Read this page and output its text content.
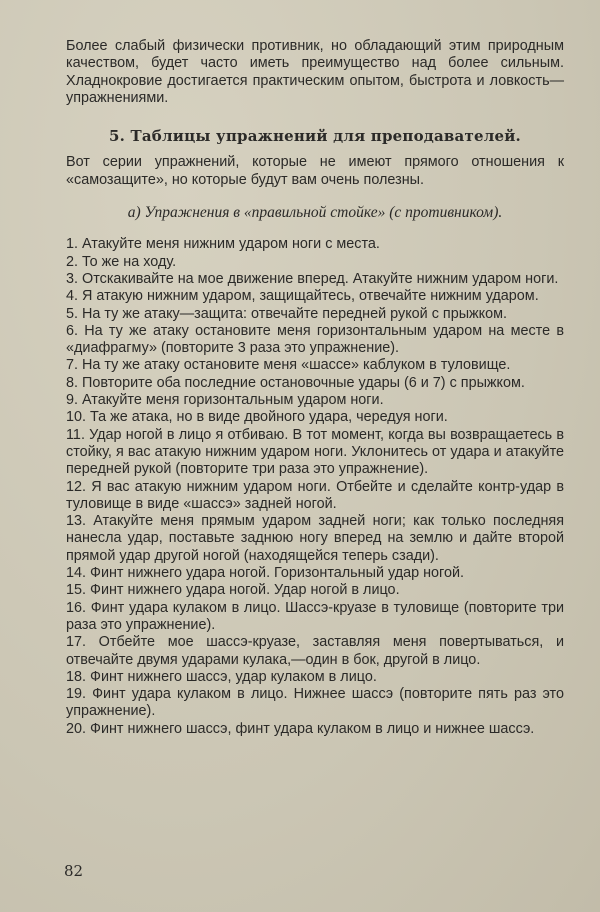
Более слабый физически противник, но обладающий этим природным качеством, будет часто иметь преимущество над более сильным. Хладнокровие достигается практическим опытом, быстрота и ловкость—упражнениями.

5. Таблицы упражнений для преподавателей.

Вот серии упражнений, которые не имеют прямого отношения к «самозащите», но которые будут вам очень полезны.

а) Упражнения в «правильной стойке» (с противником).

1. Атакуйте меня нижним ударом ноги с места.

2. То же на ходу.

3. Отскакивайте на мое движение вперед. Атакуйте нижним ударом ноги.

4. Я атакую нижним ударом, защищайтесь, отвечайте нижним ударом.

5. На ту же атаку—защита: отвечайте передней рукой с прыжком.

6. На ту же атаку остановите меня горизонтальным ударом на месте в «диафрагму» (повторите 3 раза это упражнение).

7. На ту же атаку остановите меня «шассе» каблуком в туловище.

8. Повторите оба последние остановочные удары (6 и 7) с прыжком.

9. Атакуйте меня горизонтальным ударом ноги.

10. Та же атака, но в виде двойного удара, чередуя ноги.

11. Удар ногой в лицо я отбиваю. В тот момент, когда вы возвращаетесь в стойку, я вас атакую нижним ударом ноги. Уклонитесь от удара и атакуйте передней рукой (повторите три раза это упражнение).

12. Я вас атакую нижним ударом ноги. Отбейте и сделайте контр-удар в туловище в виде «шассэ» задней ногой.

13. Атакуйте меня прямым ударом задней ноги; как только последняя нанесла удар, поставьте заднюю ногу вперед на землю и дайте второй прямой удар другой ногой (находящейся теперь сзади).

14. Финт нижнего удара ногой. Горизонтальный удар ногой.

15. Финт нижнего удара ногой. Удар ногой в лицо.

16. Финт удара кулаком в лицо. Шассэ-круазе в туловище (повторите три раза это упражнение).

17. Отбейте мое шассэ-круазе, заставляя меня повертываться, и отвечайте двумя ударами кулака,—один в бок, другой в лицо.

18. Финт нижнего шассэ, удар кулаком в лицо.

19. Финт удара кулаком в лицо. Нижнее шассэ (повторите пять раз это упражнение).

20. Финт нижнего шассэ, финт удара кулаком в лицо и нижнее шассэ.

82
